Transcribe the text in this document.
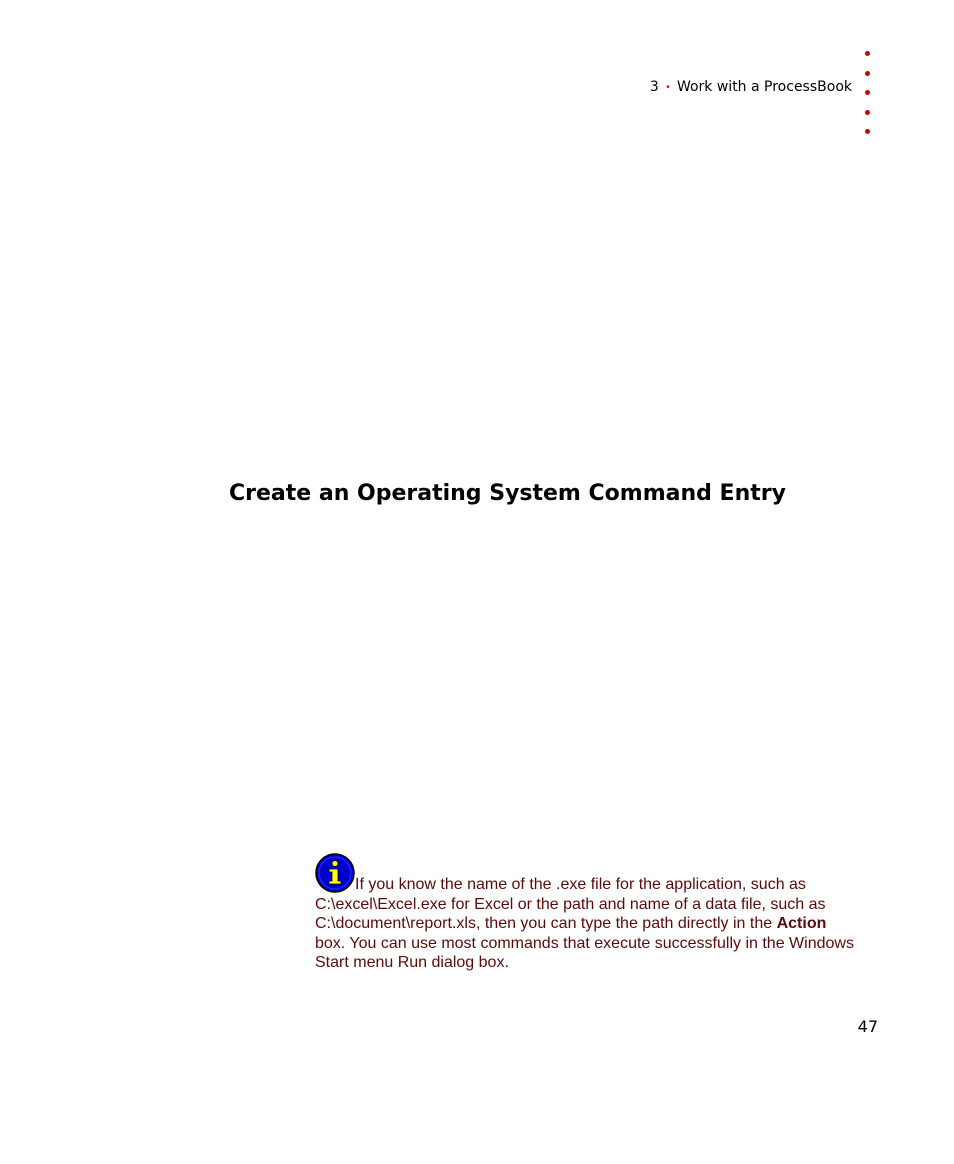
3 • Work with a ProcessBook
Create an Operating System Command Entry
If you know the name of the .exe file for the application, such as
C:\excel\Excel.exe for Excel or the path and name of a data file, such as
C:\document\report.xls, then you can type the path directly in the Action
box. You can use most commands that execute successfully in the Windows
Start menu Run dialog box.
47
